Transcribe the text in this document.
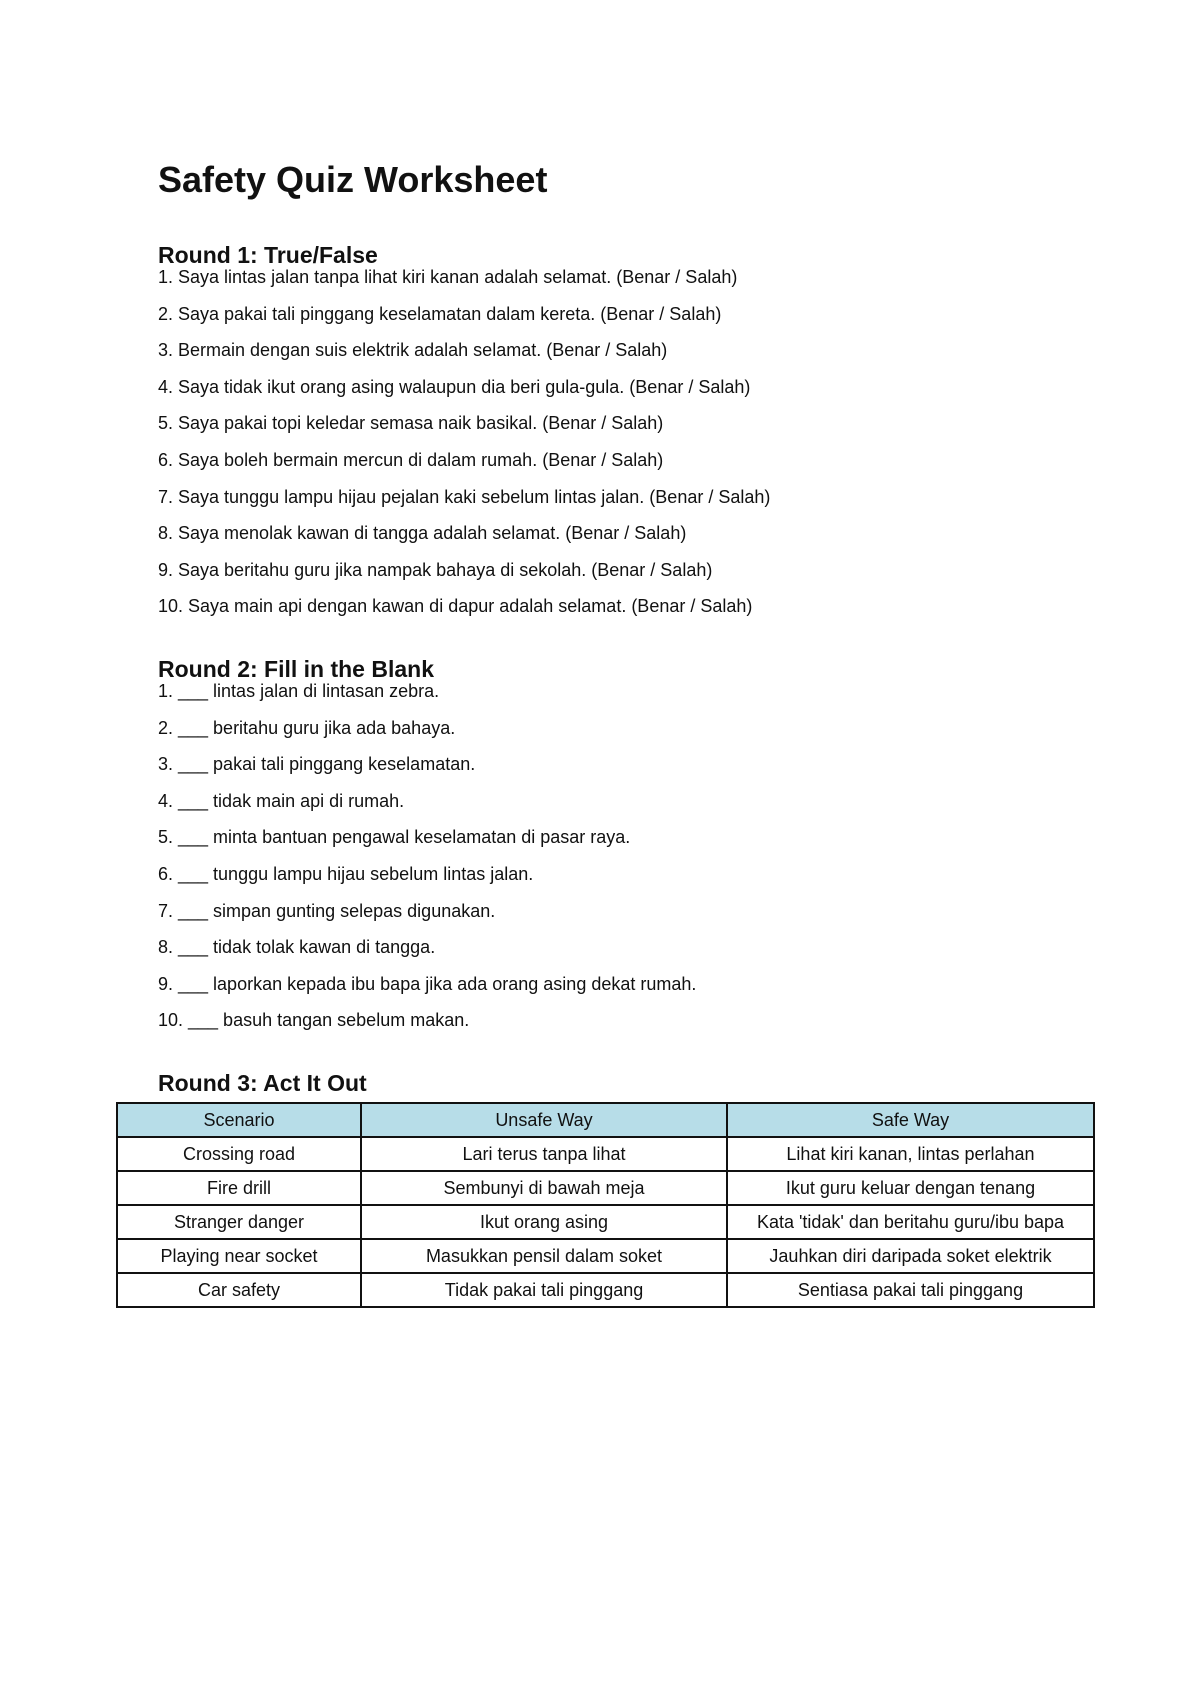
Safety Quiz Worksheet
Round 1: True/False
1. Saya lintas jalan tanpa lihat kiri kanan adalah selamat. (Benar / Salah)
2. Saya pakai tali pinggang keselamatan dalam kereta. (Benar / Salah)
3. Bermain dengan suis elektrik adalah selamat. (Benar / Salah)
4. Saya tidak ikut orang asing walaupun dia beri gula-gula. (Benar / Salah)
5. Saya pakai topi keledar semasa naik basikal. (Benar / Salah)
6. Saya boleh bermain mercun di dalam rumah. (Benar / Salah)
7. Saya tunggu lampu hijau pejalan kaki sebelum lintas jalan. (Benar / Salah)
8. Saya menolak kawan di tangga adalah selamat. (Benar / Salah)
9. Saya beritahu guru jika nampak bahaya di sekolah. (Benar / Salah)
10. Saya main api dengan kawan di dapur adalah selamat. (Benar / Salah)
Round 2: Fill in the Blank
1. ___ lintas jalan di lintasan zebra.
2. ___ beritahu guru jika ada bahaya.
3. ___ pakai tali pinggang keselamatan.
4. ___ tidak main api di rumah.
5. ___ minta bantuan pengawal keselamatan di pasar raya.
6. ___ tunggu lampu hijau sebelum lintas jalan.
7. ___ simpan gunting selepas digunakan.
8. ___ tidak tolak kawan di tangga.
9. ___ laporkan kepada ibu bapa jika ada orang asing dekat rumah.
10. ___ basuh tangan sebelum makan.
Round 3: Act It Out
Scenario	Unsafe Way	Safe Way
Crossing road	Lari terus tanpa lihat	Lihat kiri kanan, lintas perlahan
Fire drill	Sembunyi di bawah meja	Ikut guru keluar dengan tenang
Stranger danger	Ikut orang asing	Kata 'tidak' dan beritahu guru/ibu bapa
Playing near socket	Masukkan pensil dalam soket	Jauhkan diri daripada soket elektrik
Car safety	Tidak pakai tali pinggang	Sentiasa pakai tali pinggang
